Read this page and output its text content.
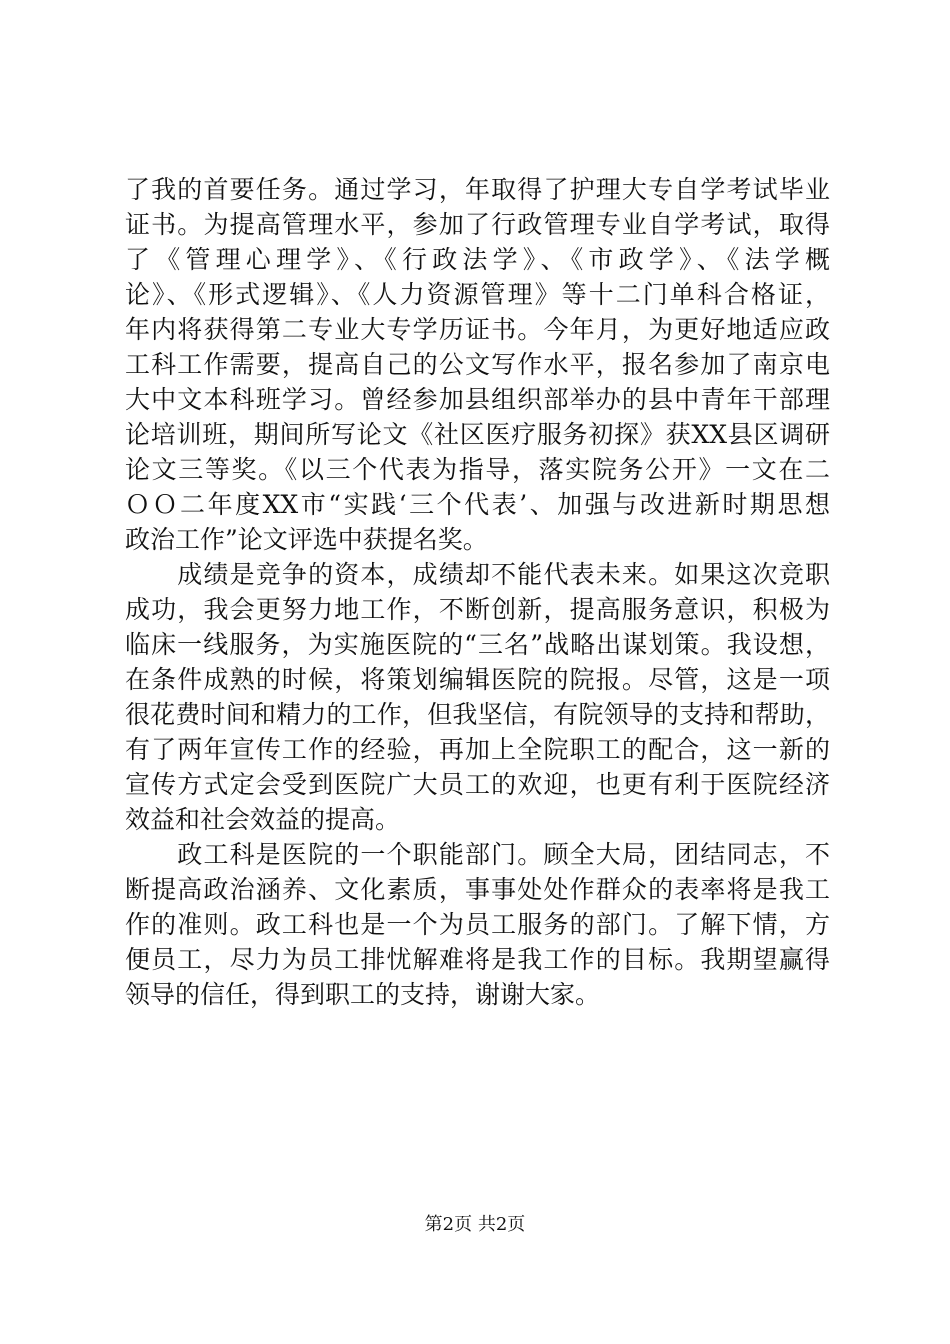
了我的首要任务。通过学习，年取得了护理大专自学考试毕业
证书。为提高管理水平，参加了行政管理专业自学考试，取得
了《管理心理学》、《行政法学》、《市政学》、《法学概
论》、《形式逻辑》、《人力资源管理》等十二门单科合格证，
年内将获得第二专业大专学历证书。今年月，为更好地适应政
工科工作需要，提高自己的公文写作水平，报名参加了南京电
大中文本科班学习。曾经参加县组织部举办的县中青年干部理
论培训班，期间所写论文《社区医疗服务初探》获XX县区调研
论文三等奖。《以三个代表为指导，落实院务公开》一文在二
ＯＯ二年度XX市“实践‘三个代表’、加强与改进新时期思想
政治工作”论文评选中获提名奖。
　　成绩是竞争的资本，成绩却不能代表未来。如果这次竞职
成功，我会更努力地工作，不断创新，提高服务意识，积极为
临床一线服务，为实施医院的“三名”战略出谋划策。我设想，
在条件成熟的时候，将策划编辑医院的院报。尽管，这是一项
很花费时间和精力的工作，但我坚信，有院领导的支持和帮助，
有了两年宣传工作的经验，再加上全院职工的配合，这一新的
宣传方式定会受到医院广大员工的欢迎，也更有利于医院经济
效益和社会效益的提高。
　　政工科是医院的一个职能部门。顾全大局，团结同志，不
断提高政治涵养、文化素质，事事处处作群众的表率将是我工
作的准则。政工科也是一个为员工服务的部门。了解下情，方
便员工，尽力为员工排忧解难将是我工作的目标。我期望赢得
领导的信任，得到职工的支持，谢谢大家。
第2页 共2页
